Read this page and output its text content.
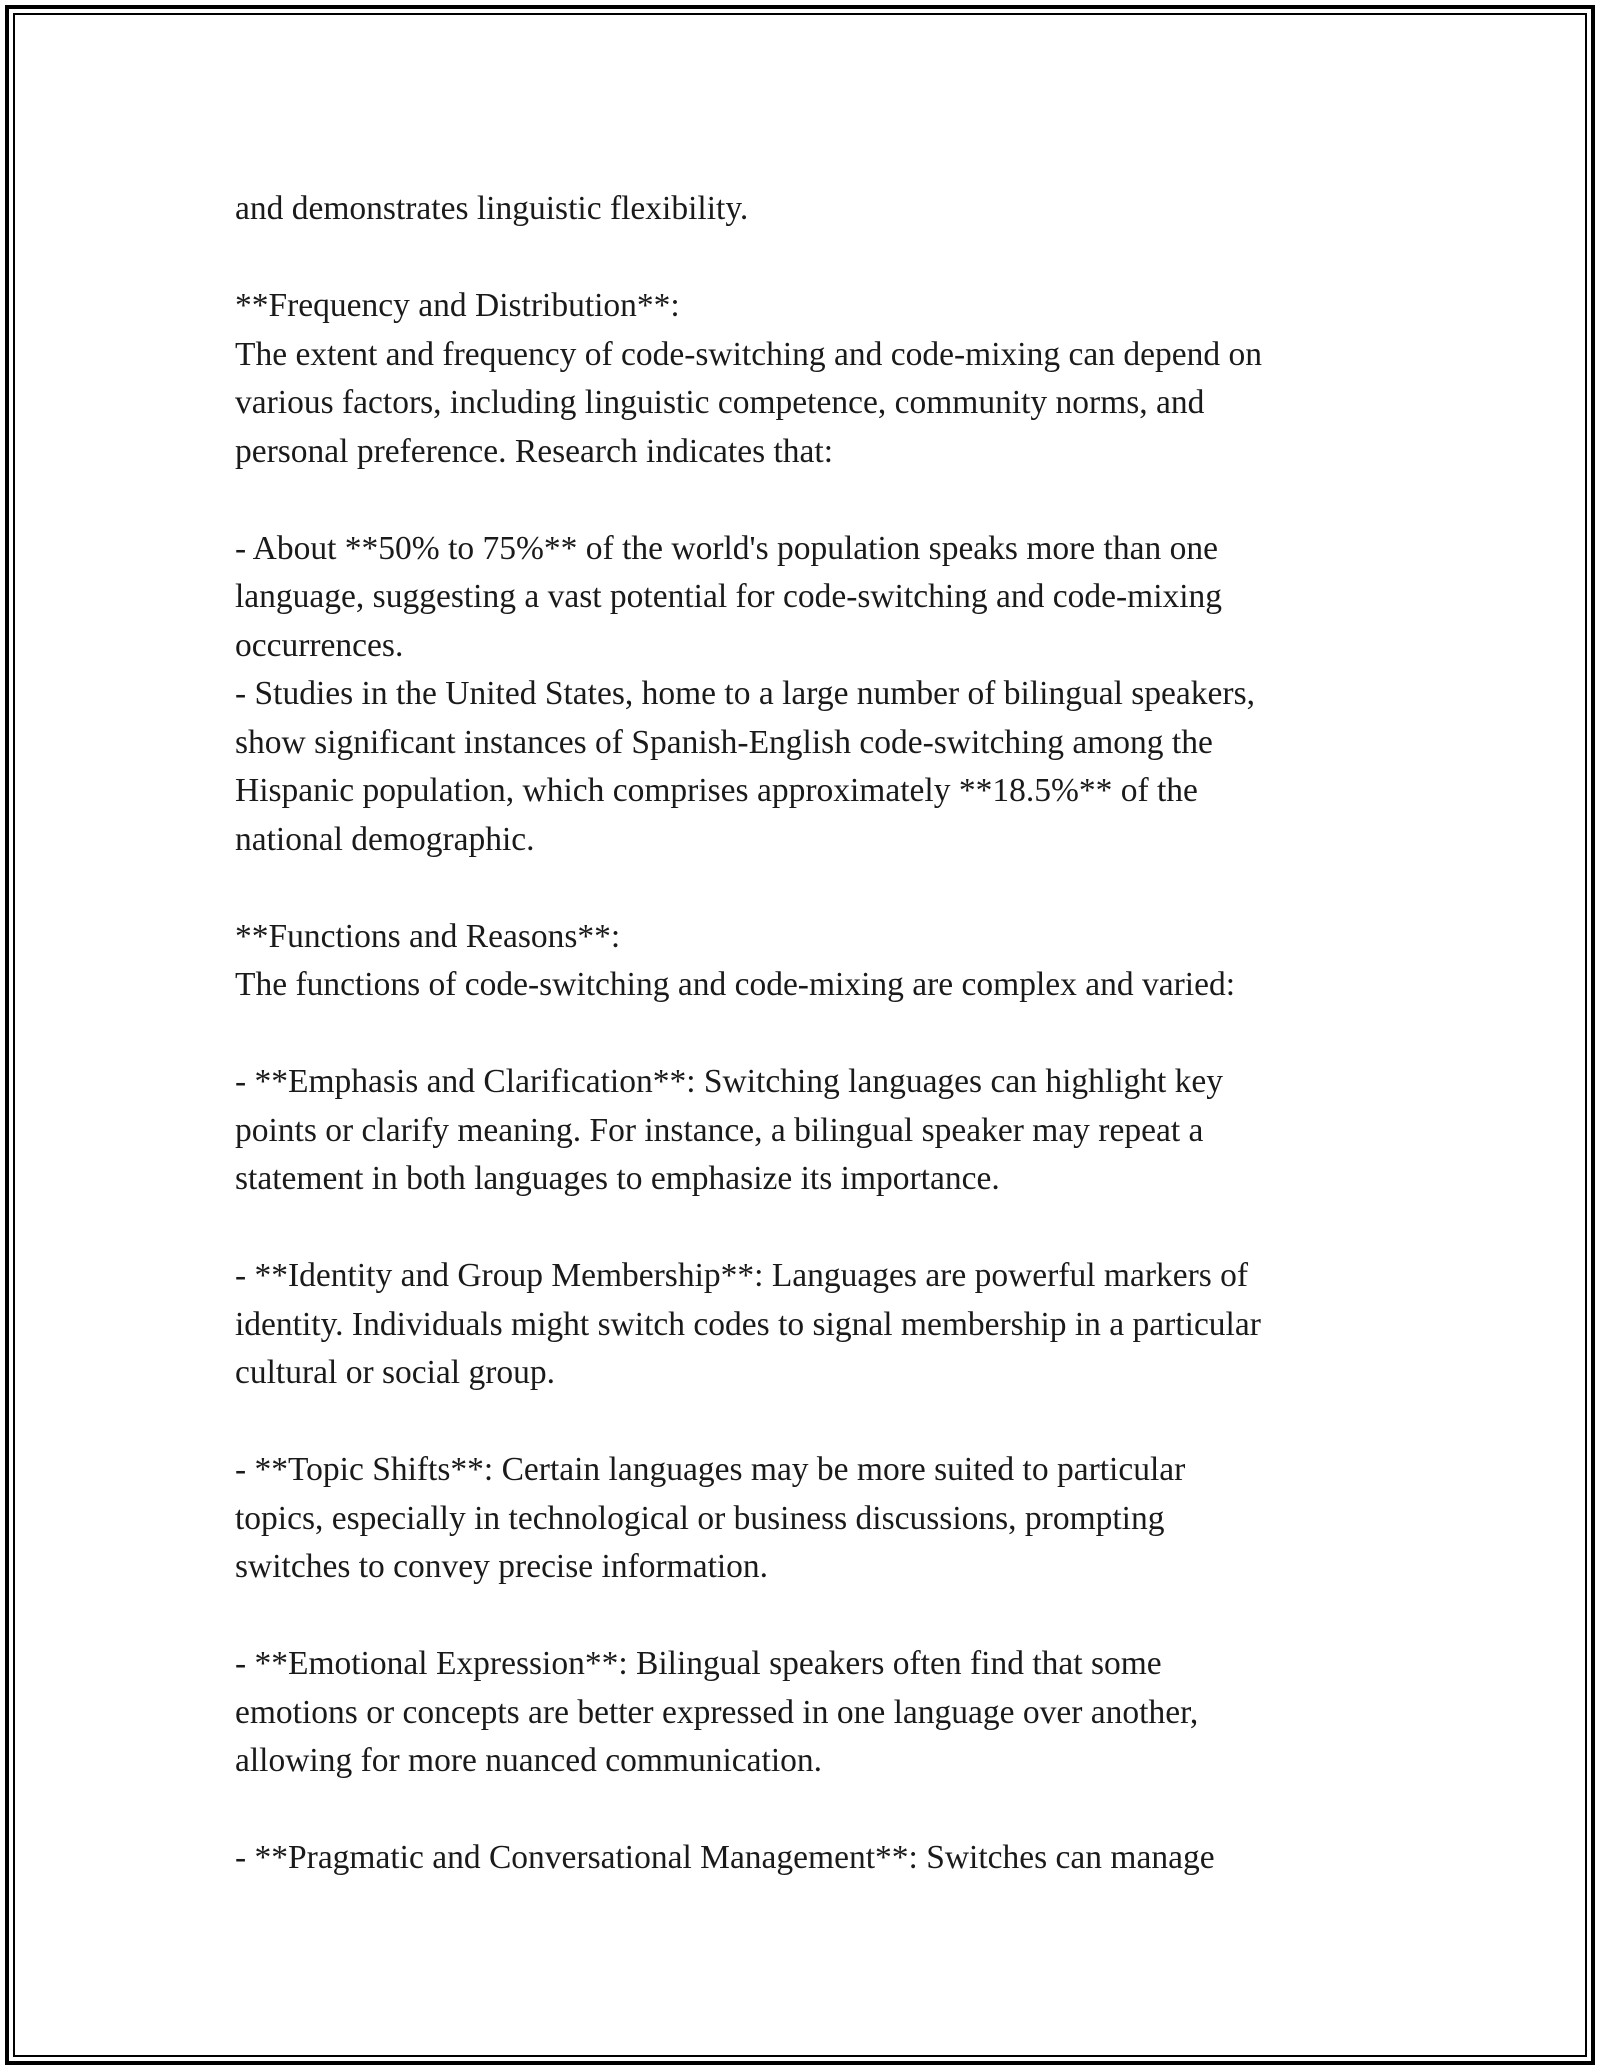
and demonstrates linguistic flexibility.

**Frequency and Distribution**:

The extent and frequency of code-switching and code-mixing can depend on
various factors, including linguistic competence, community norms, and
personal preference. Research indicates that:

- About **50% to 75%** of the world's population speaks more than one
language, suggesting a vast potential for code-switching and code-mixing
occurrences.

- Studies in the United States, home to a large number of bilingual speakers,
show significant instances of Spanish-English code-switching among the
Hispanic population, which comprises approximately **18.5%** of the
national demographic.

**Functions and Reasons**:

The functions of code-switching and code-mixing are complex and varied:

- **Emphasis and Clarification**: Switching languages can highlight key
points or clarify meaning. For instance, a bilingual speaker may repeat a
statement in both languages to emphasize its importance.

- **Identity and Group Membership**: Languages are powerful markers of
identity. Individuals might switch codes to signal membership in a particular
cultural or social group.

- **Topic Shifts**: Certain languages may be more suited to particular
topics, especially in technological or business discussions, prompting
switches to convey precise information.

- **Emotional Expression**: Bilingual speakers often find that some
emotions or concepts are better expressed in one language over another,
allowing for more nuanced communication.

- **Pragmatic and Conversational Management**: Switches can manage
